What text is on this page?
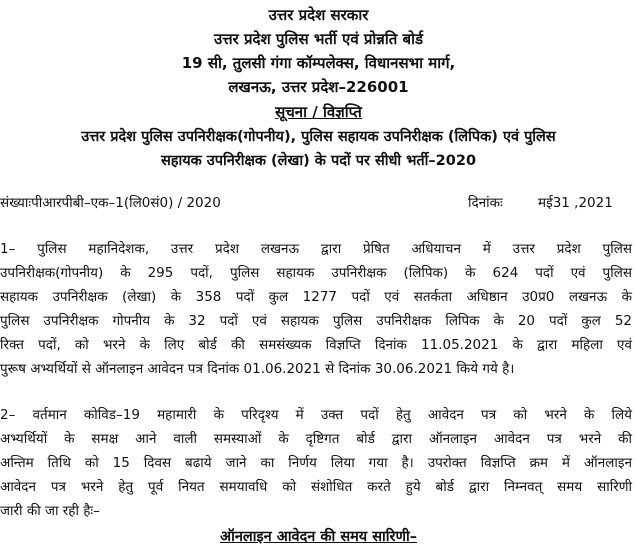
उत्तर प्रदेश सरकार
उत्तर प्रदेश पुलिस भर्ती एवं प्रोन्नति बोर्ड
19 सी, तुलसी गंगा कॉम्पलेक्स, विधानसभा मार्ग,
लखनऊ, उत्तर प्रदेश–226001
सूचना / विज्ञप्ति
उत्तर प्रदेश पुलिस उपनिरीक्षक(गोपनीय), पुलिस सहायक उपनिरीक्षक (लिपिक) एवं पुलिस
सहायक उपनिरीक्षक (लेखा) के पदों पर सीधी भर्ती–2020
संख्याःपीआरपीबी–एक–1(लि0सं0) / 2020	दिनांकः	मई31 ,2021
1– पुलिस महानिदेशक, उत्तर प्रदेश लखनऊ द्वारा प्रेषित अधियाचन में उत्तर प्रदेश पुलिस
उपनिरीक्षक(गोपनीय) के 295 पदों, पुलिस सहायक उपनिरीक्षक (लिपिक) के 624 पदों एवं पुलिस
सहायक उपनिरीक्षक (लेखा) के 358 पदों कुल 1277 पदों एवं सतर्कता अधिष्ठान उ0प्र0 लखनऊ के
पुलिस उपनिरीक्षक गोपनीय के 32 पदों एवं सहायक पुलिस उपनिरीक्षक लिपिक के 20 पदों कुल 52
रिक्त पदों, को भरने के लिए बोर्ड की समसंख्यक विज्ञप्ति दिनांक 11.05.2021 के द्वारा महिला एवं
पुरूष अभ्यर्थियों से ऑनलाइन आवेदन पत्र दिनांक 01.06.2021 से दिनांक 30.06.2021 किये गये है।
2– वर्तमान कोविड–19 महामारी के परिदृश्य में उक्त पदों हेतु आवेदन पत्र को भरने के लिये
अभ्यर्थियों के समक्ष आने वाली समस्याओं के दृष्टिगत बोर्ड द्वारा ऑनलाइन आवेदन पत्र भरने की
अन्तिम तिथि को 15 दिवस बढाये जाने का निर्णय लिया गया है। उपरोक्त विज्ञप्ति क्रम में ऑनलाइन
आवेदन पत्र भरने हेतु पूर्व नियत समयावधि को संशोधित करते हुये बोर्ड द्वारा निम्नवत् समय सारिणी
जारी की जा रही हैः–
ऑनलाइन आवेदन की समय सारिणी–
